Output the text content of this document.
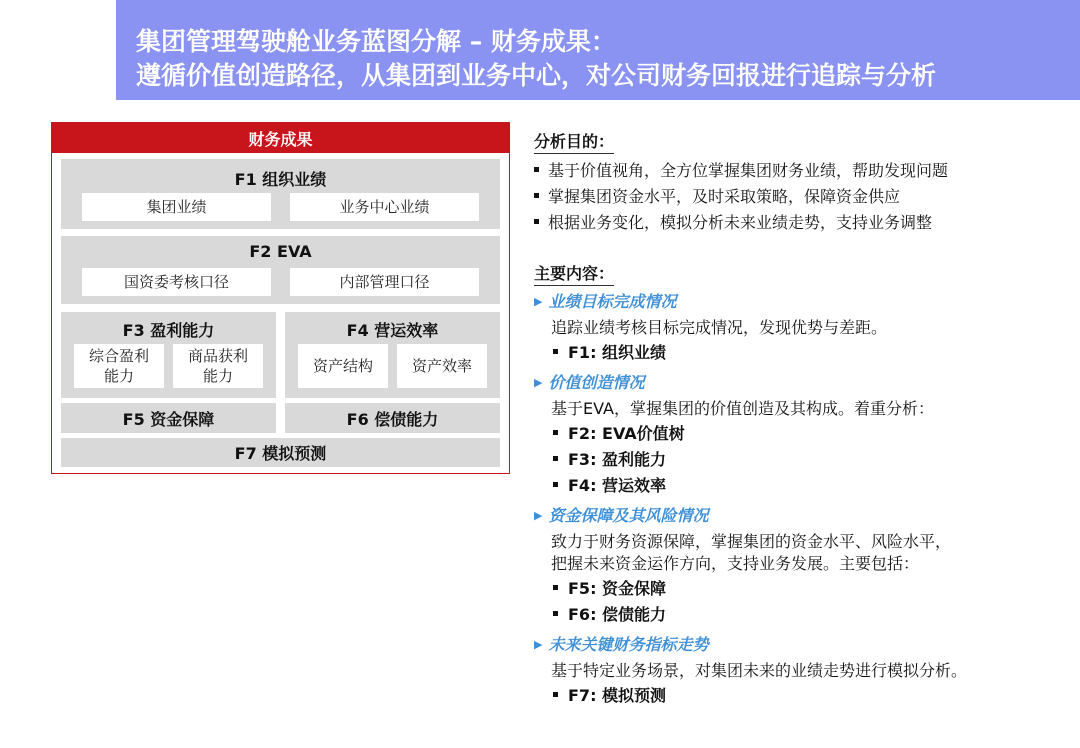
集团管理驾驶舱业务蓝图分解 – 财务成果：
遵循价值创造路径，从集团到业务中心，对公司财务回报进行追踪与分析
财务成果
F1 组织业绩
集团业绩	业务中心业绩
F2 EVA
国资委考核口径	内部管理口径
F3 盈利能力
综合盈利
能力
商品获利
能力
F4 营运效率
资产结构	资产效率
F5 资金保障	F6 偿债能力
F7 模拟预测
分析目的：
基于价值视角，全方位掌握集团财务业绩，帮助发现问题
掌握集团资金水平，及时采取策略，保障资金供应
根据业务变化，模拟分析未来业绩走势，支持业务调整
主要内容：
▶ 业绩目标完成情况
追踪业绩考核目标完成情况，发现优势与差距。
F1: 组织业绩
▶ 价值创造情况
基于EVA，掌握集团的价值创造及其构成。着重分析：
F2: EVA价值树
F3: 盈利能力
F4: 营运效率
▶ 资金保障及其风险情况
致力于财务资源保障，掌握集团的资金水平、风险水平，
把握未来资金运作方向，支持业务发展。主要包括：
F5: 资金保障
F6: 偿债能力
▶ 未来关键财务指标走势
基于特定业务场景，对集团未来的业绩走势进行模拟分析。
F7: 模拟预测
